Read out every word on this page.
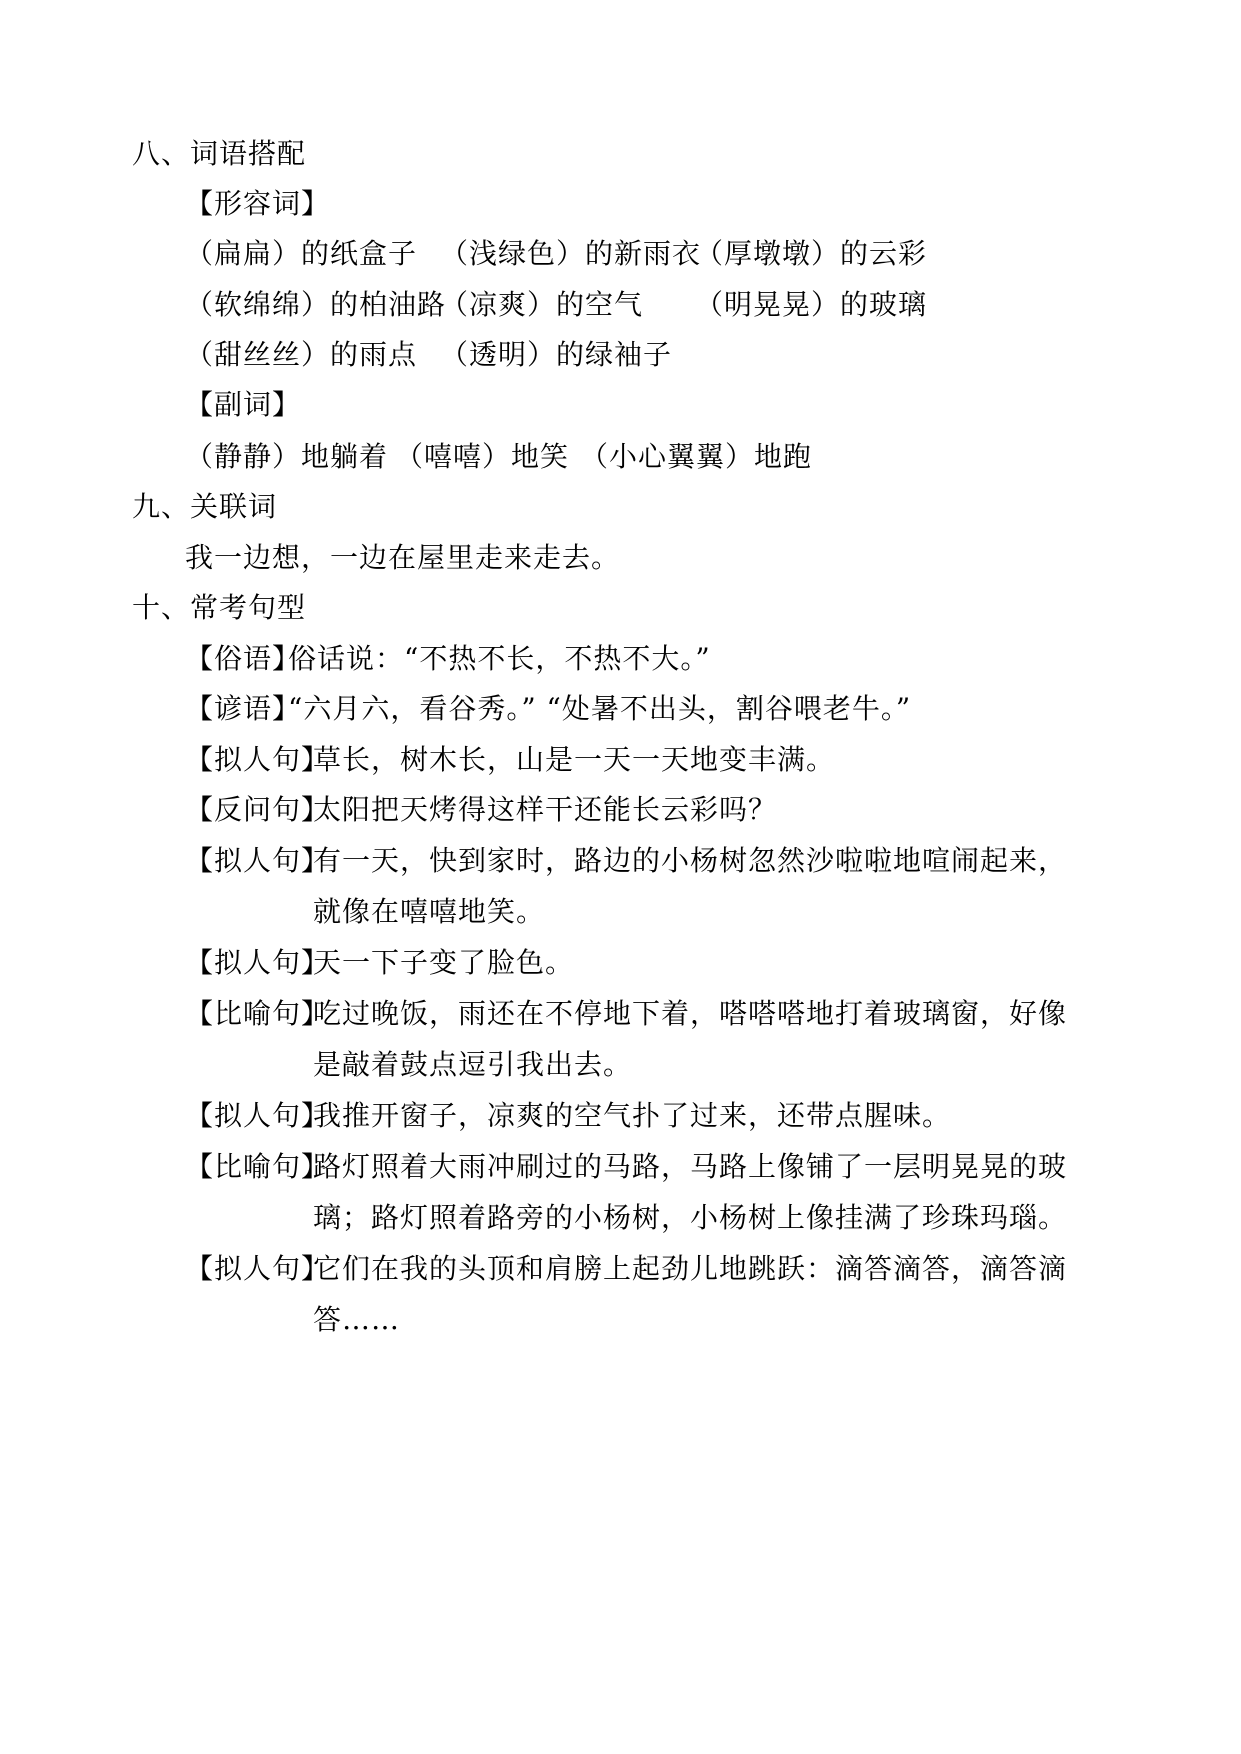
八、词语搭配
【形容词】
（扁扁）的纸盒子 （浅绿色）的新雨衣
（厚墩墩）的云彩
（软绵绵）的柏油路
（凉爽）的空气 （明晃晃）的玻璃
（甜丝丝）的雨点 （透明）的绿袖子
【副词】
（静静）地躺着 （嘻嘻）地笑 （小心翼翼）地跑
九、关联词
我一边想，一边在屋里走来走去。
十、常考句型
【俗语】
俗话说：“不热不长，不热不大。”
【谚语】
“六月六，看谷秀。” “处暑不出头，割谷喂老牛。”
【拟人句】
草长，树木长，山是一天一天地变丰满。
【反问句】
太阳把天烤得这样干还能长云彩吗？
【拟人句】
有一天，快到家时，路边的小杨树忽然沙啦啦地喧闹起来，
就像在嘻嘻地笑。
【拟人句】
天一下子变了脸色。
【比喻句】
吃过晚饭，雨还在不停地下着，嗒嗒嗒地打着玻璃窗，好像
是敲着鼓点逗引我出去。
【拟人句】
我推开窗子，凉爽的空气扑了过来，还带点腥味。
【比喻句】
路灯照着大雨冲刷过的马路，马路上像铺了一层明晃晃的玻
璃；路灯照着路旁的小杨树，小杨树上像挂满了珍珠玛瑙。
【拟人句】
它们在我的头顶和肩膀上起劲儿地跳跃：滴答滴答，滴答滴
答……
